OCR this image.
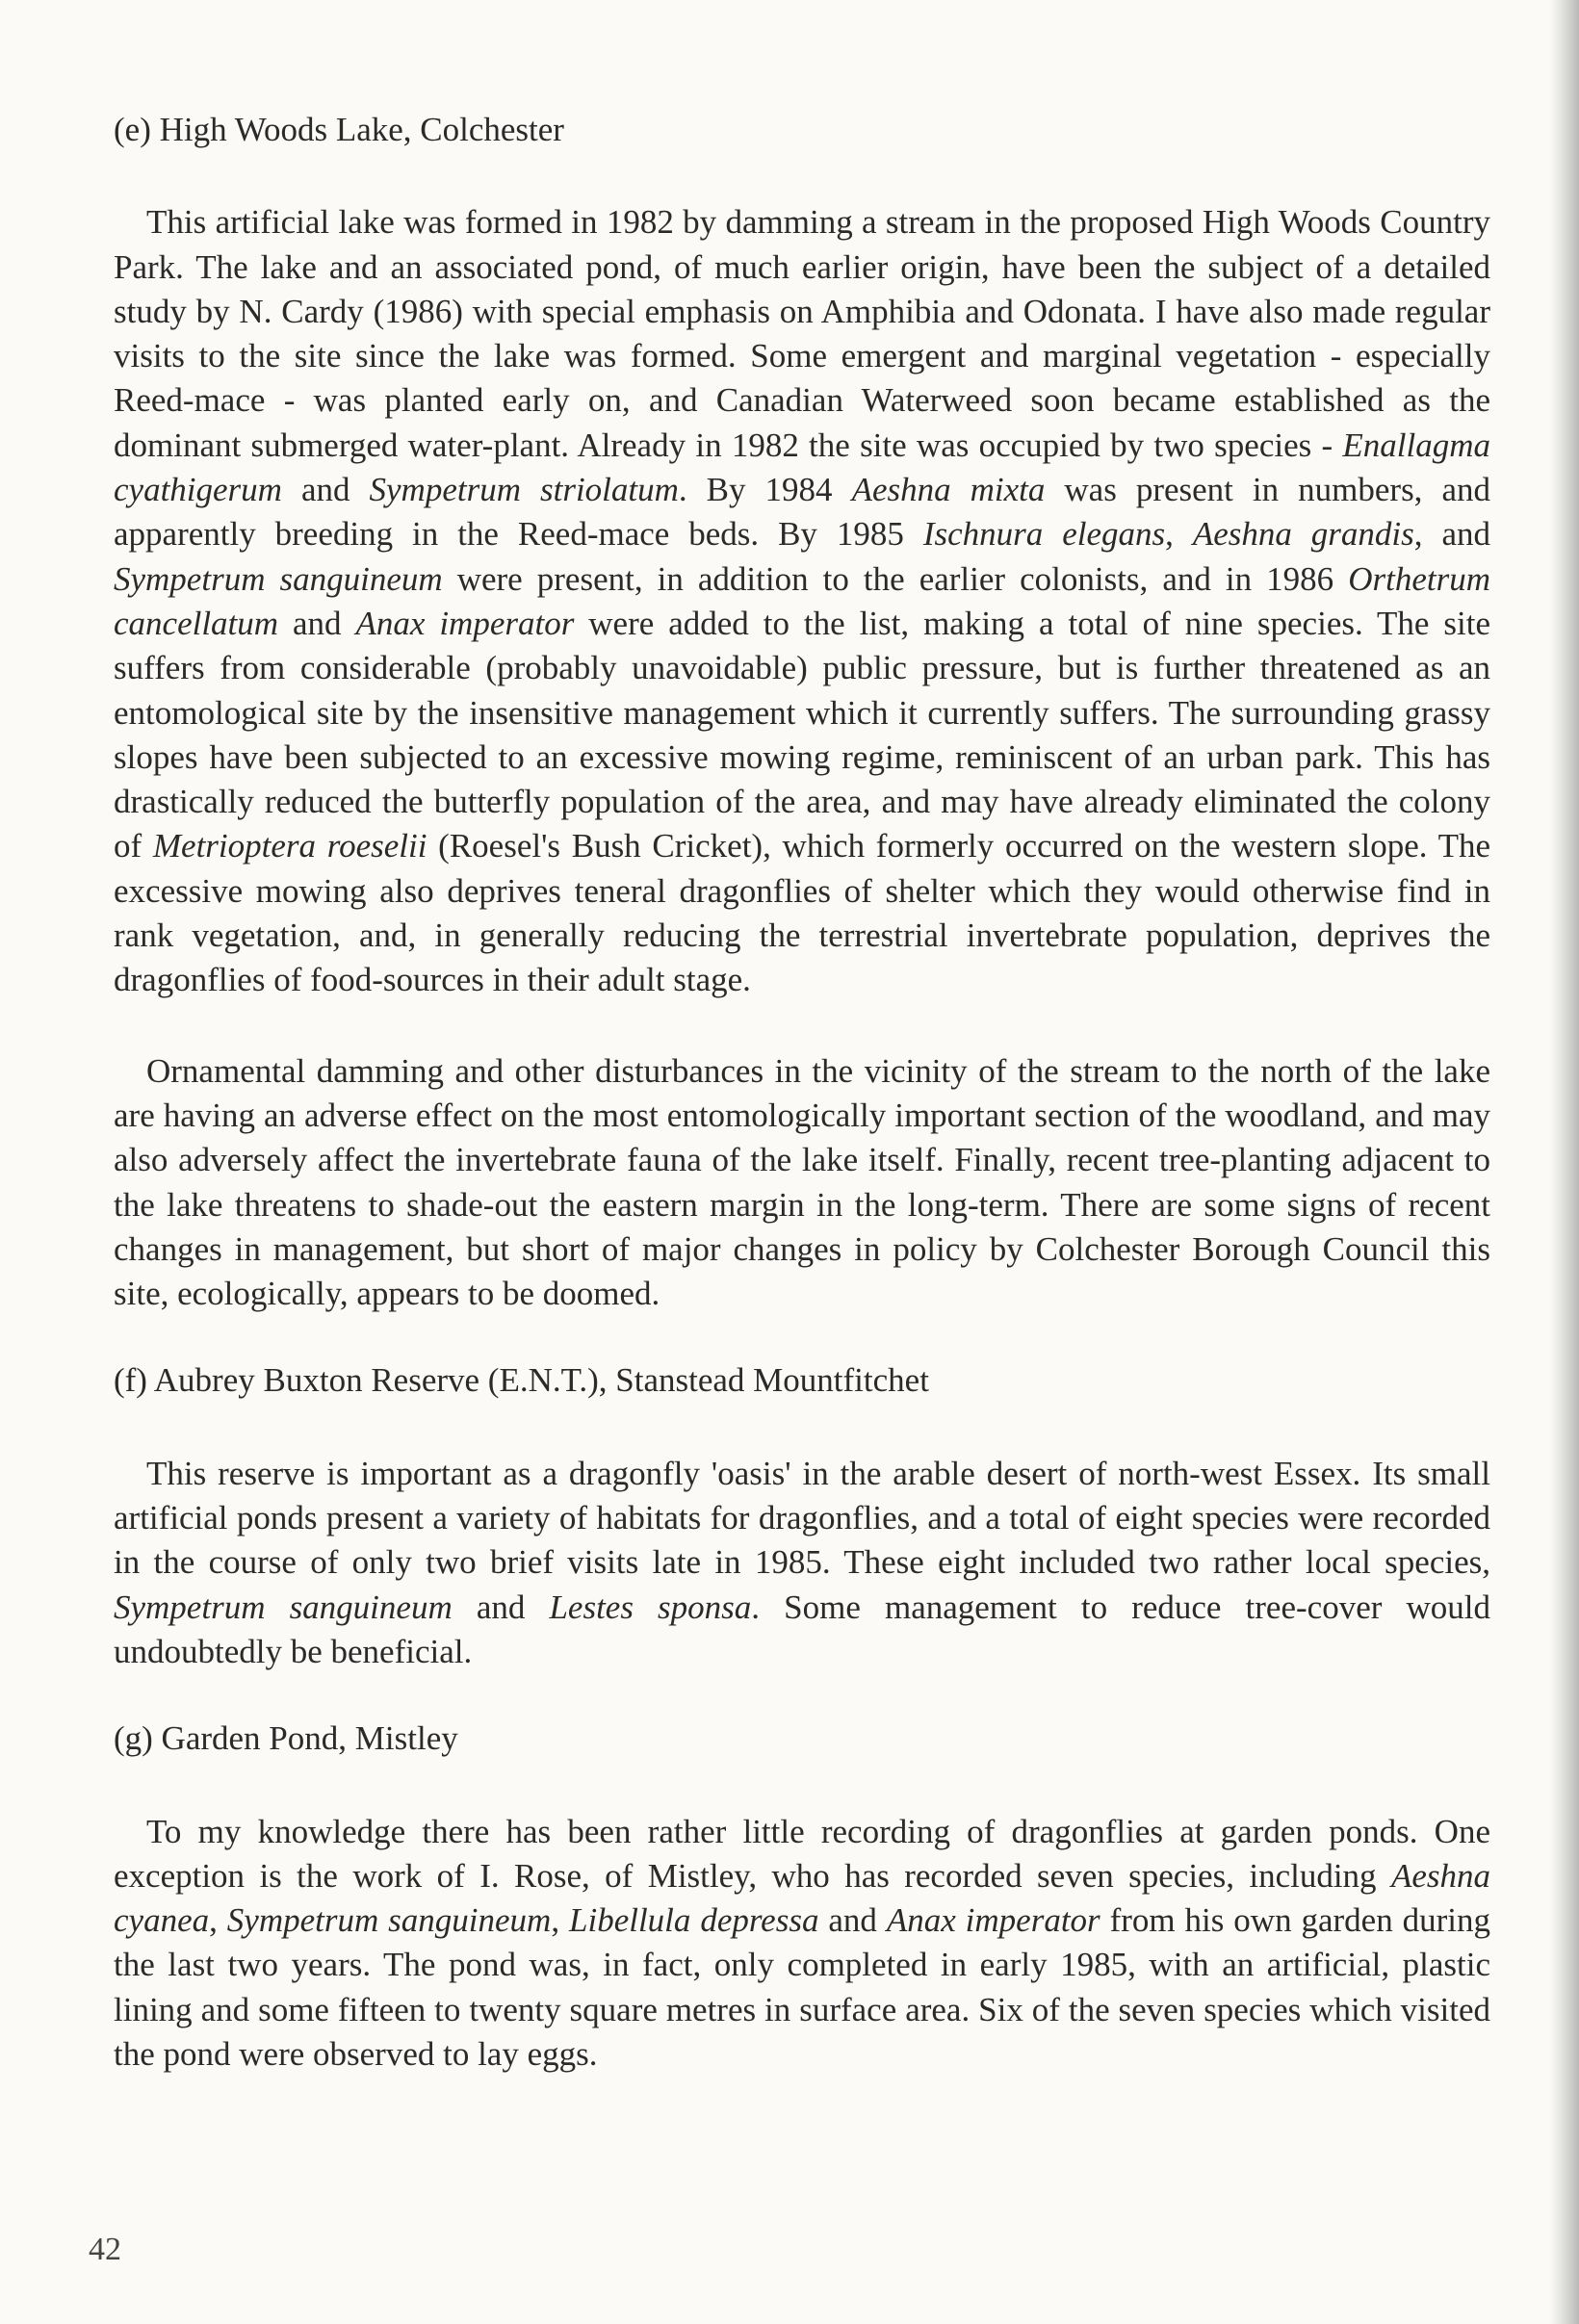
(e) High Woods Lake, Colchester

This artificial lake was formed in 1982 by damming a stream in the proposed High Woods Country Park. The lake and an associated pond, of much earlier origin, have been the subject of a detailed study by N. Cardy (1986) with special emphasis on Amphibia and Odonata. I have also made regular visits to the site since the lake was formed. Some emergent and marginal vegetation - especially Reed-mace - was planted early on, and Canadian Waterweed soon became established as the dominant submerged water-plant. Already in 1982 the site was occupied by two species - Enallagma cyathigerum and Sympetrum striolatum. By 1984 Aeshna mixta was present in numbers, and apparently breeding in the Reed-mace beds. By 1985 Ischnura elegans, Aeshna grandis, and Sympetrum sanguineum were present, in addition to the earlier colonists, and in 1986 Orthetrum cancellatum and Anax imperator were added to the list, making a total of nine species. The site suffers from considerable (probably unavoidable) public pressure, but is further threatened as an entomological site by the insensitive management which it currently suffers. The surrounding grassy slopes have been subjected to an excessive mowing regime, reminiscent of an urban park. This has drastically reduced the butterfly population of the area, and may have already eliminated the colony of Metrioptera roeselii (Roesel's Bush Cricket), which formerly occurred on the western slope. The excessive mowing also deprives teneral dragonflies of shelter which they would otherwise find in rank vegetation, and, in generally reducing the terrestrial invertebrate population, deprives the dragonflies of food-sources in their adult stage.

Ornamental damming and other disturbances in the vicinity of the stream to the north of the lake are having an adverse effect on the most entomologically important section of the woodland, and may also adversely affect the invertebrate fauna of the lake itself. Finally, recent tree-planting adjacent to the lake threatens to shade-out the eastern margin in the long-term. There are some signs of recent changes in management, but short of major changes in policy by Colchester Borough Council this site, ecologically, appears to be doomed.

(f) Aubrey Buxton Reserve (E.N.T.), Stanstead Mountfitchet

This reserve is important as a dragonfly 'oasis' in the arable desert of north-west Essex. Its small artificial ponds present a variety of habitats for dragonflies, and a total of eight species were recorded in the course of only two brief visits late in 1985. These eight included two rather local species, Sympetrum sanguineum and Lestes sponsa. Some management to reduce tree-cover would undoubtedly be beneficial.

(g) Garden Pond, Mistley

To my knowledge there has been rather little recording of dragonflies at garden ponds. One exception is the work of I. Rose, of Mistley, who has recorded seven species, including Aeshna cyanea, Sympetrum sanguineum, Libellula depressa and Anax imperator from his own garden during the last two years. The pond was, in fact, only completed in early 1985, with an artificial, plastic lining and some fifteen to twenty square metres in surface area. Six of the seven species which visited the pond were observed to lay eggs.

42
